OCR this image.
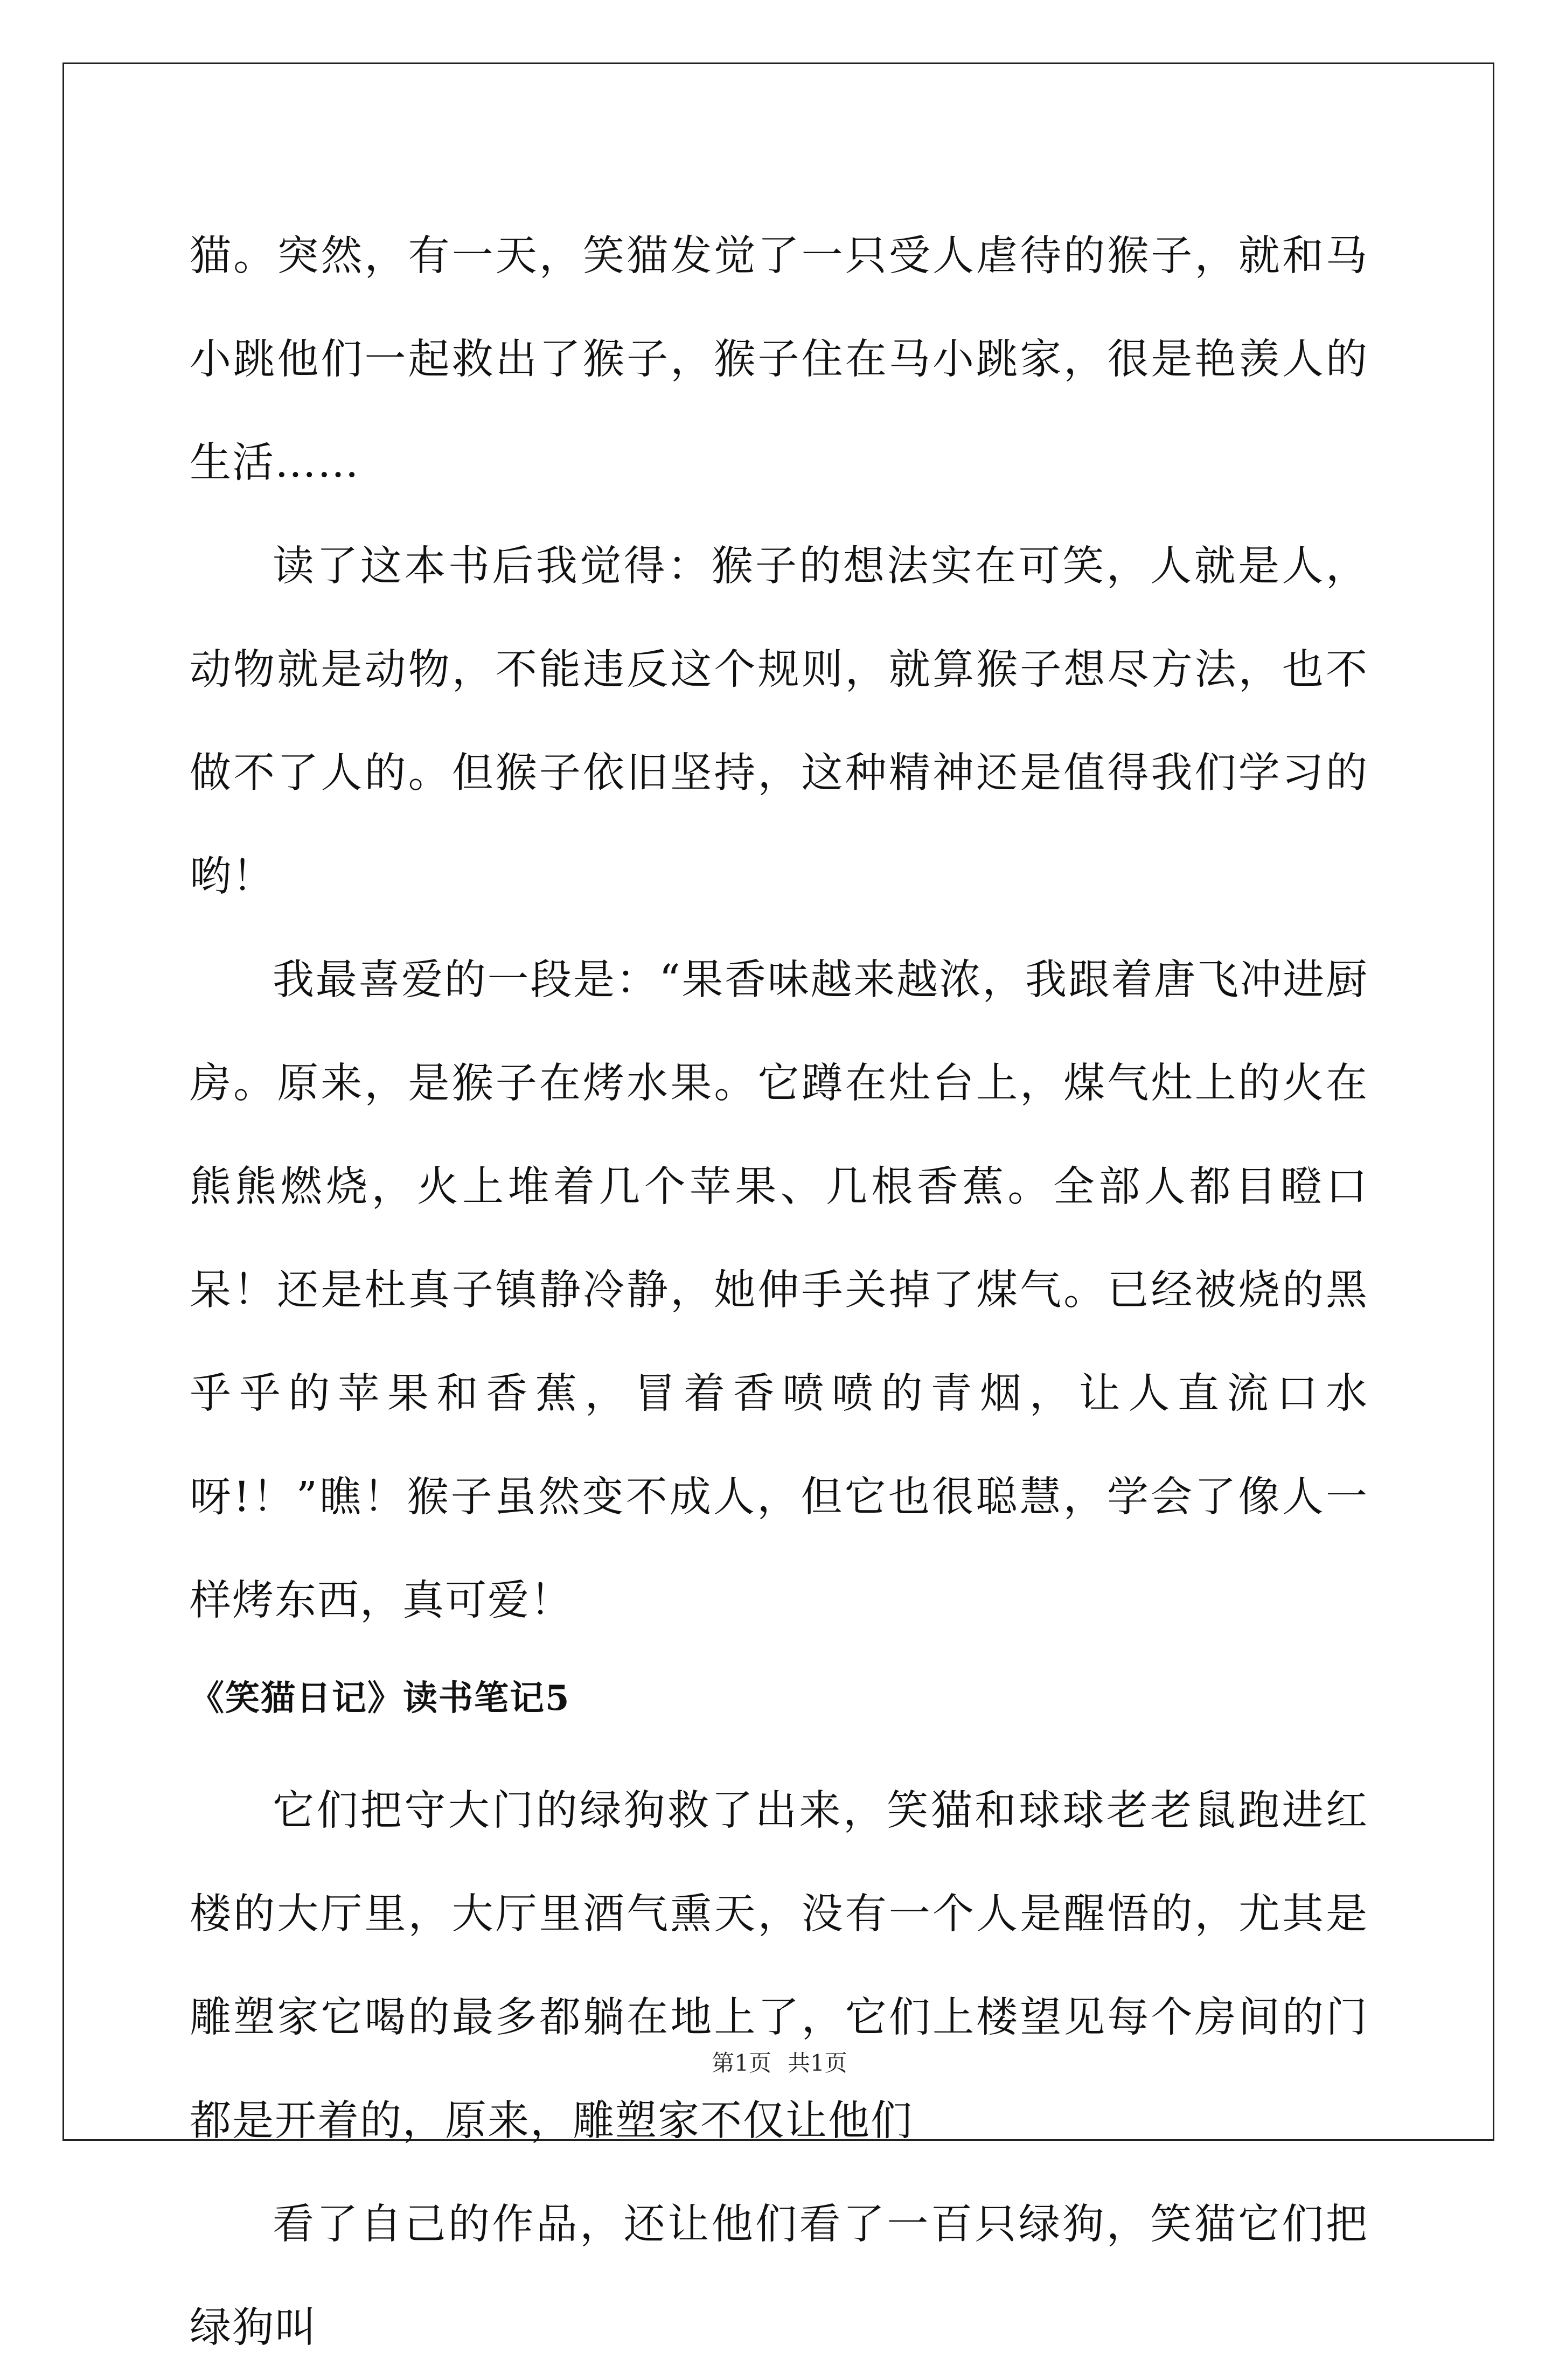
猫。突然，有一天，笑猫发觉了一只受人虐待的猴子，就和马小跳他们一起救出了猴子，猴子住在马小跳家，很是艳羡人的生活……

读了这本书后我觉得：猴子的想法实在可笑，人就是人，动物就是动物，不能违反这个规则，就算猴子想尽方法，也不做不了人的。但猴子依旧坚持，这种精神还是值得我们学习的哟！

我最喜爱的一段是：“果香味越来越浓，我跟着唐飞冲进厨房。原来，是猴子在烤水果。它蹲在灶台上，煤气灶上的火在熊熊燃烧，火上堆着几个苹果、几根香蕉。全部人都目瞪口呆！还是杜真子镇静冷静，她伸手关掉了煤气。已经被烧的黑乎乎的苹果和香蕉，冒着香喷喷的青烟，让人直流口水呀!！”瞧！猴子虽然变不成人，但它也很聪慧，学会了像人一样烤东西，真可爱！

《笑猫日记》读书笔记5

它们把守大门的绿狗救了出来，笑猫和球球老老鼠跑进红楼的大厅里，大厅里酒气熏天，没有一个人是醒悟的，尤其是雕塑家它喝的最多都躺在地上了，它们上楼望见每个房间的门都是开着的，原来，雕塑家不仅让他们

看了自己的作品，还让他们看了一百只绿狗，笑猫它们把绿狗叫

第1页 共1页
